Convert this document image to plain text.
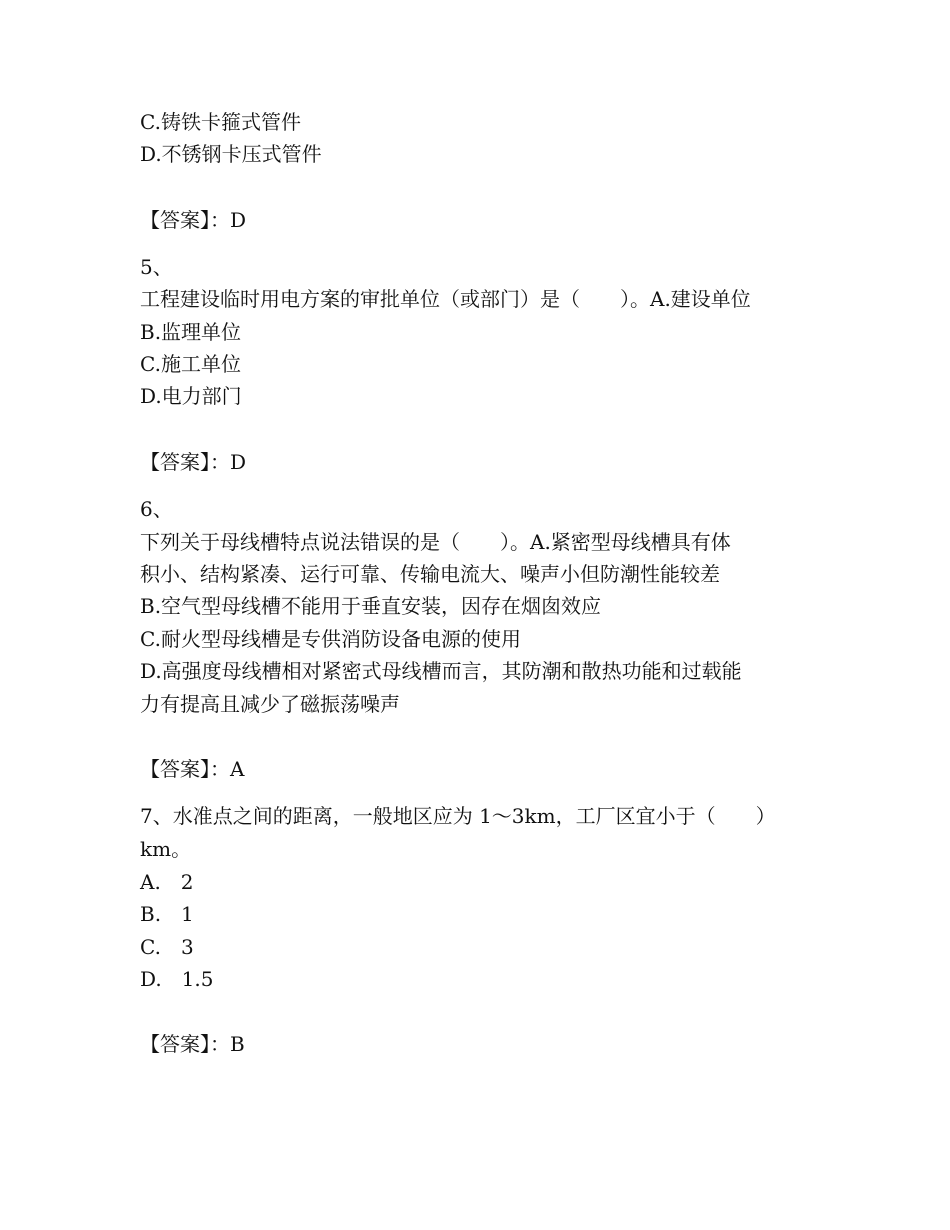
C.铸铁卡箍式管件
D.不锈钢卡压式管件
【答案】：D
5、
工程建设临时用电方案的审批单位（或部门）是（　　）。A.建设单位
B.监理单位
C.施工单位
D.电力部门
【答案】：D
6、
下列关于母线槽特点说法错误的是（　　）。A.紧密型母线槽具有体
积小、结构紧凑、运行可靠、传输电流大、噪声小但防潮性能较差
B.空气型母线槽不能用于垂直安装，因存在烟囱效应
C.耐火型母线槽是专供消防设备电源的使用
D.高强度母线槽相对紧密式母线槽而言，其防潮和散热功能和过载能
力有提高且减少了磁振荡噪声
【答案】：A
7、水准点之间的距离，一般地区应为 1～3km，工厂区宜小于（　　）
km。
A.　2
B.　1
C.　3
D.　1.5
【答案】：B
